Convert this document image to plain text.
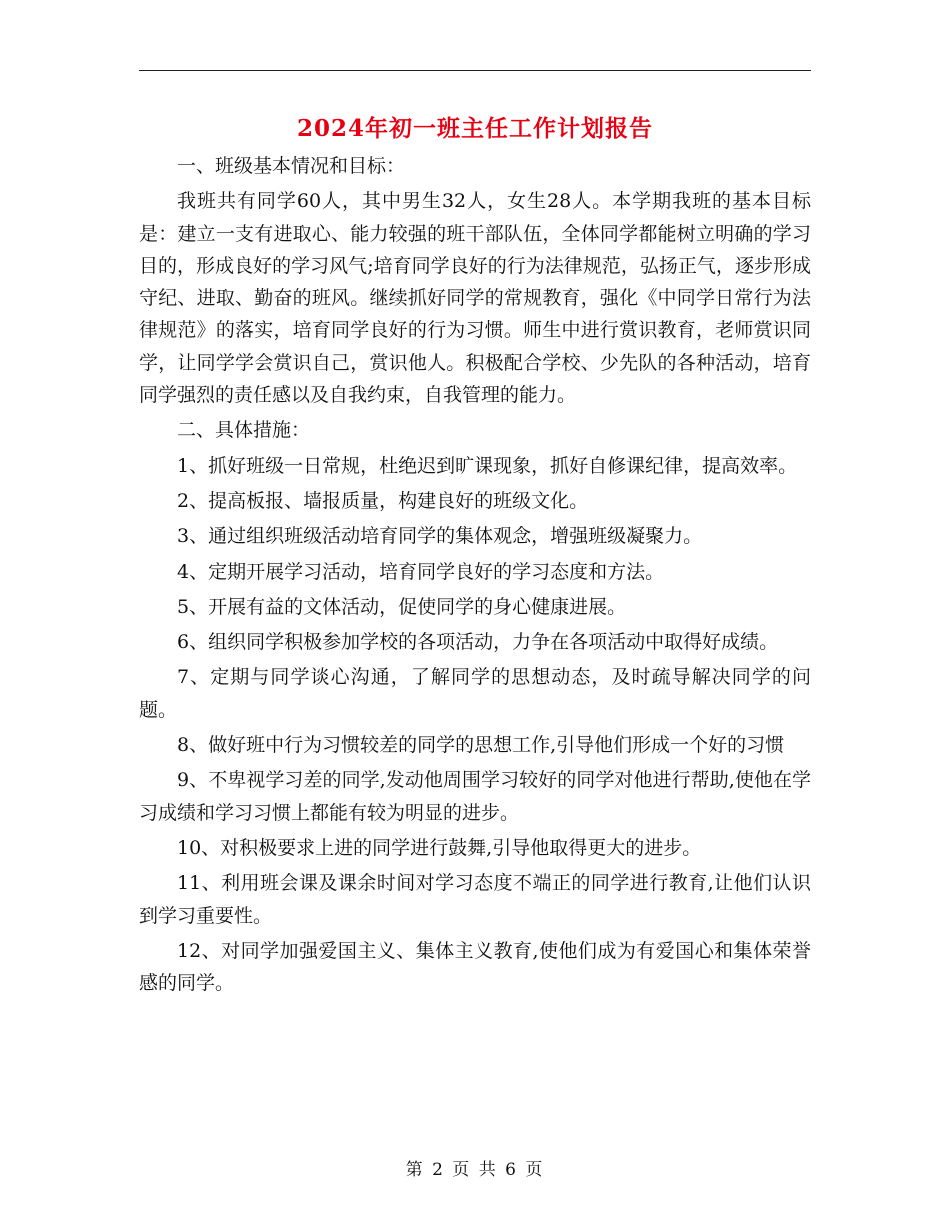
2024年初一班主任工作计划报告

一、班级基本情况和目标：

我班共有同学60人，其中男生32人，女生28人。本学期我班的基本目标是：建立一支有进取心、能力较强的班干部队伍，全体同学都能树立明确的学习目的，形成良好的学习风气;培育同学良好的行为法律规范，弘扬正气，逐步形成守纪、进取、勤奋的班风。继续抓好同学的常规教育，强化《中同学日常行为法律规范》的落实，培育同学良好的行为习惯。师生中进行赏识教育，老师赏识同学，让同学学会赏识自己，赏识他人。积极配合学校、少先队的各种活动，培育同学强烈的责任感以及自我约束，自我管理的能力。

二、具体措施：

1、抓好班级一日常规，杜绝迟到旷课现象，抓好自修课纪律，提高效率。

2、提高板报、墙报质量，构建良好的班级文化。

3、通过组织班级活动培育同学的集体观念，增强班级凝聚力。

4、定期开展学习活动，培育同学良好的学习态度和方法。

5、开展有益的文体活动，促使同学的身心健康进展。

6、组织同学积极参加学校的各项活动，力争在各项活动中取得好成绩。

7、定期与同学谈心沟通，了解同学的思想动态，及时疏导解决同学的问题。

8、做好班中行为习惯较差的同学的思想工作,引导他们形成一个好的习惯

9、不卑视学习差的同学,发动他周围学习较好的同学对他进行帮助,使他在学习成绩和学习习惯上都能有较为明显的进步。

10、对积极要求上进的同学进行鼓舞,引导他取得更大的进步。

11、利用班会课及课余时间对学习态度不端正的同学进行教育,让他们认识到学习重要性。

12、对同学加强爱国主义、集体主义教育,使他们成为有爱国心和集体荣誉感的同学。

第 2 页 共 6 页
